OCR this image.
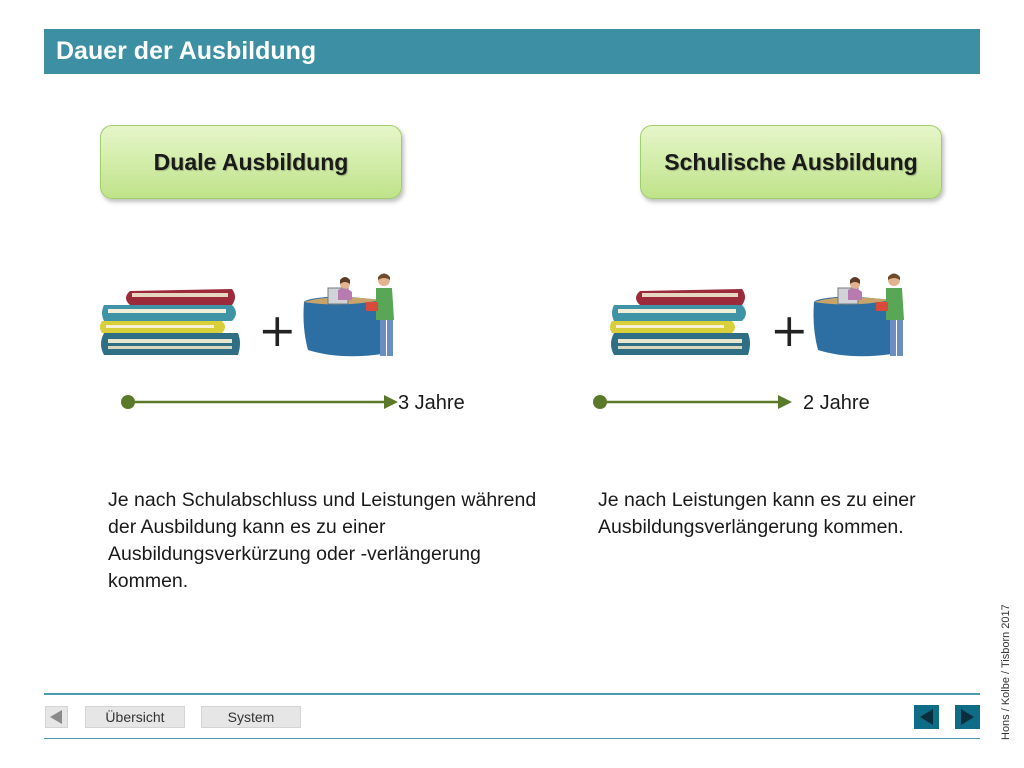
Dauer der Ausbildung
Duale Ausbildung	Schulische Ausbildung
+	+
3 Jahre	2 Jahre
Je nach Schulabschluss und Leistungen während der Ausbildung kann es zu einer Ausbildungsverkürzung oder -verlängerung kommen.
Je nach Leistungen kann es zu einer Ausbildungsverlängerung kommen.
Hons / Kolbe / Tisborn 2017
Übersicht	System
